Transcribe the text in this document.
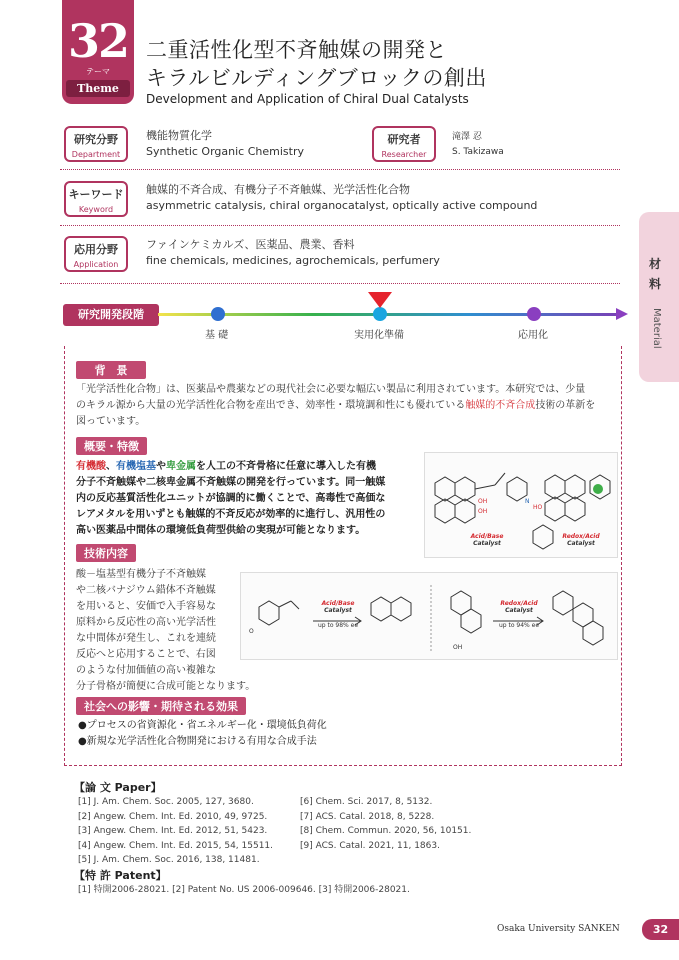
32
テーマ
Theme
二重活性化型不斉触媒の開発と
キラルビルディングブロックの創出
Development and Application of Chiral Dual Catalysts
研究分野
Department
機能物質化学
Synthetic Organic Chemistry
研究者
Researcher
滝澤 忍
S. Takizawa
キーワード
Keyword
触媒的不斉合成、有機分子不斉触媒、光学活性化合物
asymmetric catalysis, chiral organocatalyst, optically active compound
応用分野
Application
ファインケミカルズ、医薬品、農業、香料
fine chemicals, medicines, agrochemicals, perfumery	材料
Material
研究開発段階
基 礎	実用化準備	応用化
背　景
「光学活性化合物」は、医薬品や農薬などの現代社会に必要な幅広い製品に利用されています。本研究では、少量
のキラル源から大量の光学活性化合物を産出でき、効率性・環境調和性にも優れている触媒的不斉合成技術の革新を
図っています。
概要・特徴
有機酸、有機塩基や卑金属を人工の不斉骨格に任意に導入した有機
分子不斉触媒や二核卑金属不斉触媒の開発を行っています。同一触媒
内の反応基質活性化ユニットが協調的に働くことで、高毒性で高価な
レアメタルを用いずとも触媒的不斉反応が効率的に進行し、汎用性の
高い医薬品中間体の環境低負荷型供給の実現が可能となります。
OH
OH
N
HO
Acid/Base
Catalyst
Redox/Acid
Catalyst
技術内容
酸－塩基型有機分子不斉触媒
や二核バナジウム錯体不斉触媒
を用いると、安価で入手容易な
原料から反応性の高い光学活性
な中間体が発生し、これを連続
反応へと応用することで、右図
のような付加価値の高い複雑な
分子骨格が簡便に合成可能となります。
O
OH
Acid/Base
Catalyst
up to 98% ee
Redox/Acid
Catalyst
up to 94% ee
社会への影響・期待される効果
●プロセスの省資源化・省エネルギー化・環境低負荷化
●新規な光学活性化合物開発における有用な合成手法
【論 文 Paper】
[1] J. Am. Chem. Soc. 2005, 127, 3680.
[2] Angew. Chem. Int. Ed. 2010, 49, 9725.
[3] Angew. Chem. Int. Ed. 2012, 51, 5423.
[4] Angew. Chem. Int. Ed. 2015, 54, 15511.
[5] J. Am. Chem. Soc. 2016, 138, 11481.
[6] Chem. Sci. 2017, 8, 5132.
[7] ACS. Catal. 2018, 8, 5228.
[8] Chem. Commun. 2020, 56, 10151.
[9] ACS. Catal. 2021, 11, 1863.
【特 許 Patent】
[1] 特開2006-28021. [2] Patent No. US 2006-009646. [3] 特開2006-28021.
Osaka University SANKEN	32
